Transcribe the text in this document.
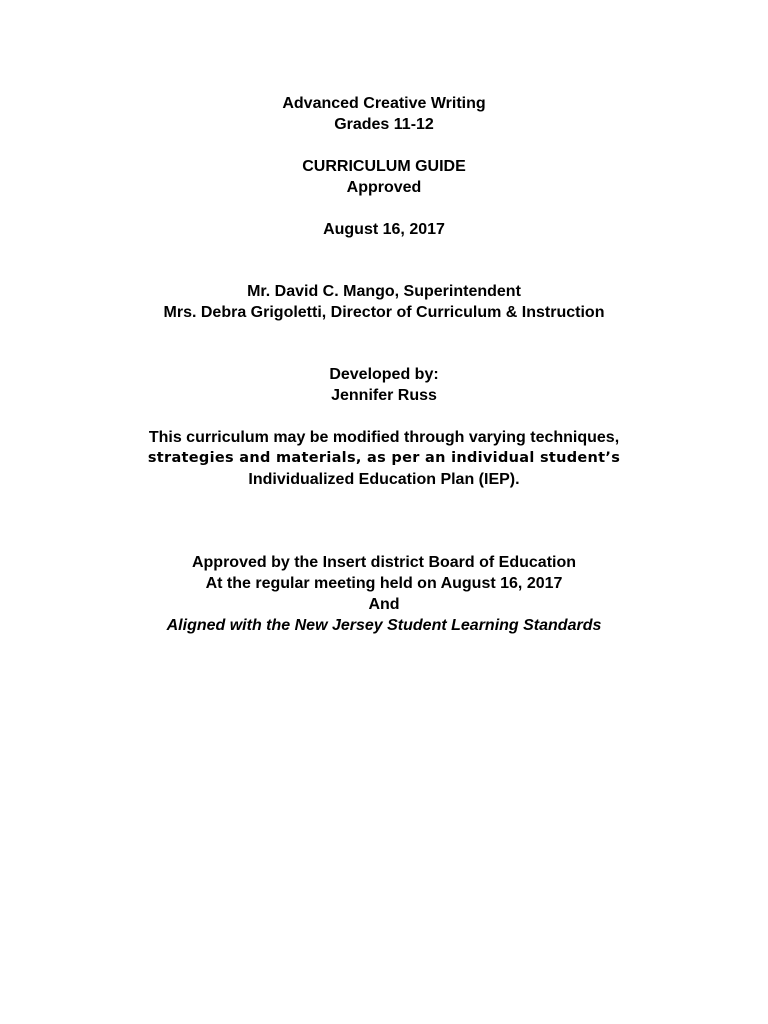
Advanced Creative Writing
Grades 11-12
CURRICULUM GUIDE
Approved
August 16, 2017
Mr. David C. Mango, Superintendent
Mrs. Debra Grigoletti, Director of Curriculum & Instruction
Developed by:
Jennifer Russ
This curriculum may be modified through varying techniques,
strategies and materials, as per an individual student’s
Individualized Education Plan (IEP).
Approved by the Insert district Board of Education
At the regular meeting held on August 16, 2017
And
Aligned with the New Jersey Student Learning Standards
